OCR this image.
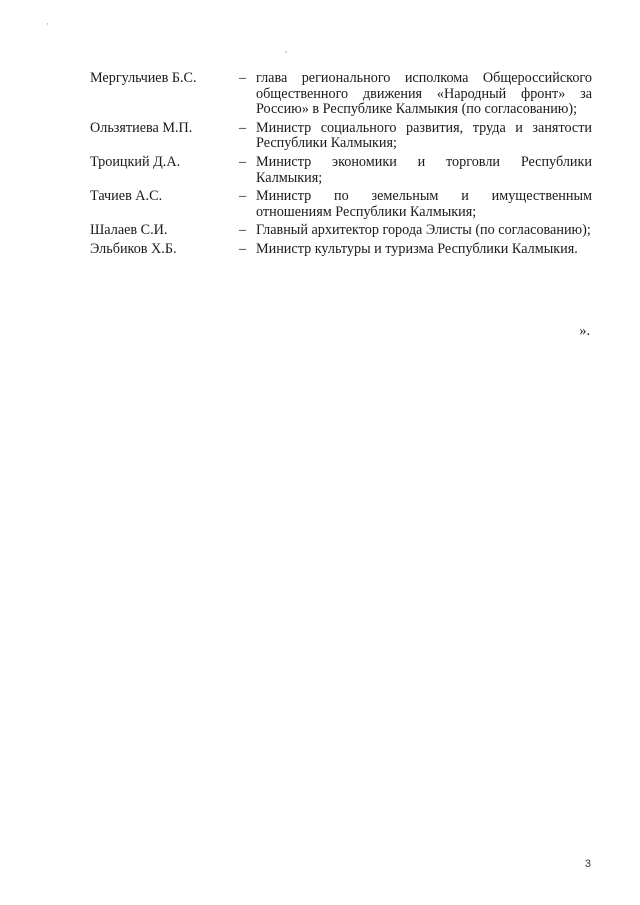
·
˛
Мергульчиев Б.С.	– глава регионального исполкома Общероссийского общественного движения «Народный фронт» за Россию» в Республике Калмыкия (по согласованию);
Ользятиева М.П.	– Министр социального развития, труда и занятости Республики Калмыкия;
Троицкий Д.А.	– Министр экономики и торговли Республики Калмыкия;
Тачиев А.С.	– Министр по земельным и имущественным отношениям Республики Калмыкия;
Шалаев С.И.	– Главный архитектор города Элисты (по согласованию);
Эльбиков Х.Б.	– Министр культуры и туризма Республики Калмыкия.
».
3
